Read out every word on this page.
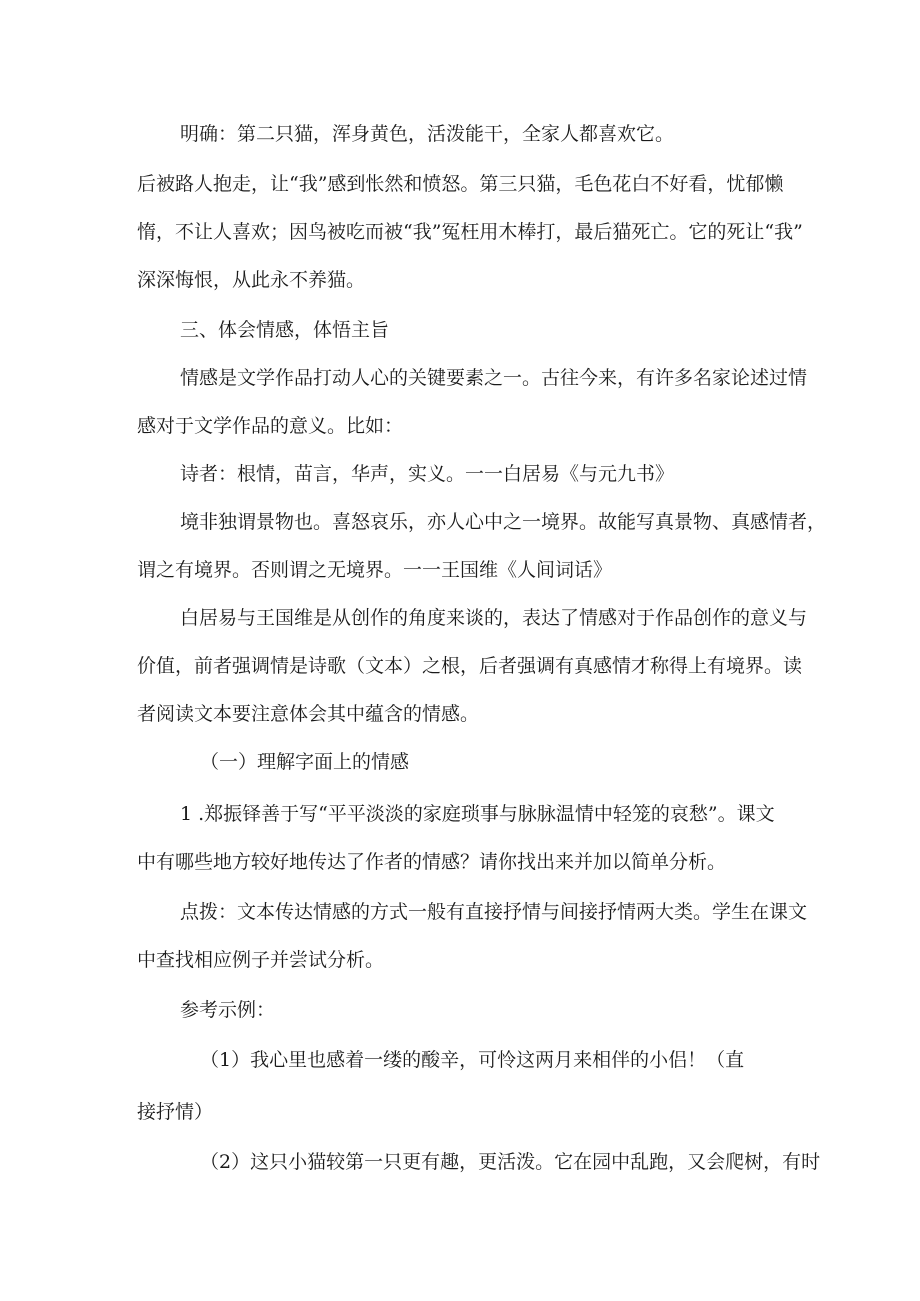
明确：第二只猫，浑身黄色，活泼能干，全家人都喜欢它。
后被路人抱走，让“我”感到怅然和愤怒。第三只猫，毛色花白不好看，忧郁懒
惰，不让人喜欢；因鸟被吃而被“我”冤枉用木棒打，最后猫死亡。它的死让“我”
深深悔恨，从此永不养猫。
三、体会情感，体悟主旨
情感是文学作品打动人心的关键要素之一。古往今来，有许多名家论述过情
感对于文学作品的意义。比如：
诗者：根情，苗言，华声，实义。一一白居易《与元九书》
境非独谓景物也。喜怒哀乐，亦人心中之一境界。故能写真景物、真感情者，
谓之有境界。否则谓之无境界。一一王国维《人间词话》
白居易与王国维是从创作的角度来谈的，表达了情感对于作品创作的意义与
价值，前者强调情是诗歌（文本）之根，后者强调有真感情才称得上有境界。读
者阅读文本要注意体会其中蕴含的情感。
（一）理解字面上的情感
1 .郑振铎善于写“平平淡淡的家庭琐事与脉脉温情中轻笼的哀愁”。课文
中有哪些地方较好地传达了作者的情感？请你找出来并加以简单分析。
点拨：文本传达情感的方式一般有直接抒情与间接抒情两大类。学生在课文
中查找相应例子并尝试分析。
参考示例：
（1）我心里也感着一缕的酸辛，可怜这两月来相伴的小侣！（直
接抒情）
（2）这只小猫较第一只更有趣，更活泼。它在园中乱跑，又会爬树，有时
